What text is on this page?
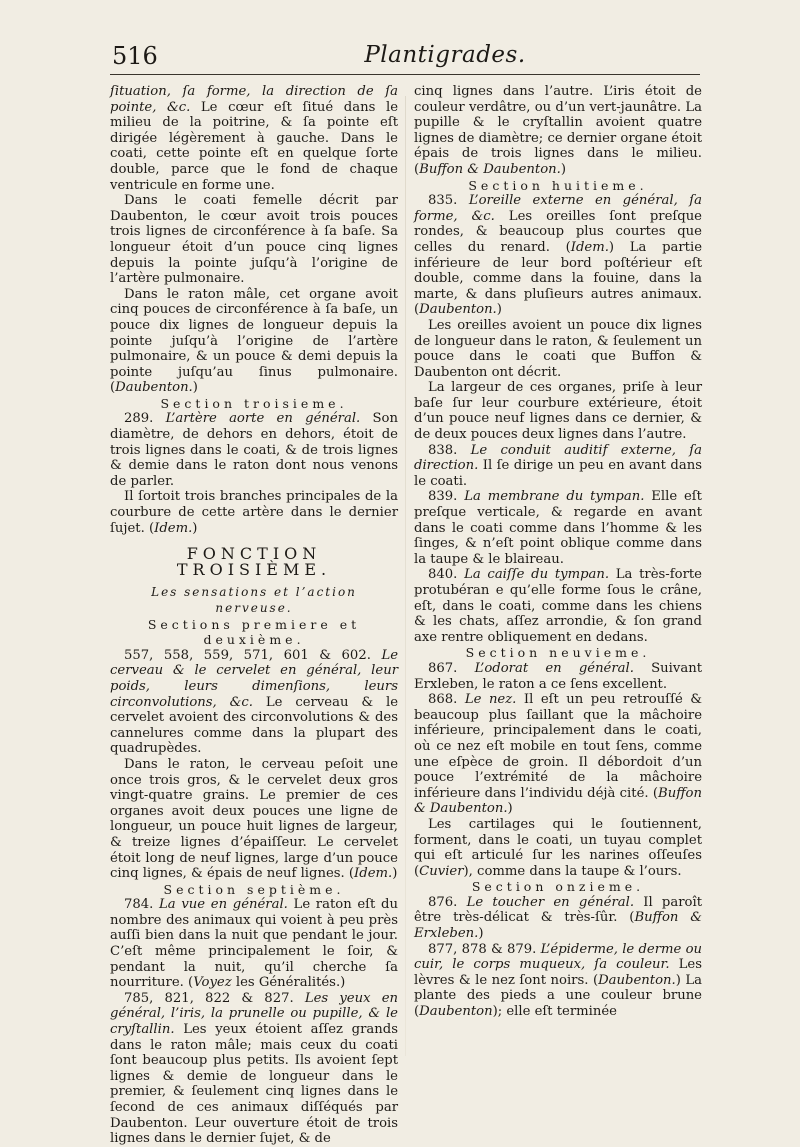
516	Plantigrades.

ſituation, ſa forme, la direction de ſa pointe, &c. Le cœur eſt ſitué dans le milieu de la poitrine, & ſa pointe eſt dirigée légèrement à gauche. Dans le coati, cette pointe eſt en quelque ſorte double, parce que le fond de chaque ventricule en forme une.

Dans le coati femelle décrit par Daubenton, le cœur avoit trois pouces trois lignes de circonférence à ſa baſe. Sa longueur étoit d’un pouce cinq lignes depuis la pointe juſqu’à l’origine de l’artère pulmonaire.

Dans le raton mâle, cet organe avoit cinq pouces de circonférence à ſa baſe, un pouce dix lignes de longueur depuis la pointe juſqu’à l’origine de l’artère pulmonaire, & un pouce & demi depuis la pointe juſqu’au ſinus pulmonaire. (Daubenton.)

Section troisieme.

289. L’artère aorte en général. Son diamètre, de dehors en dehors, étoit de trois lignes dans le coati, & de trois lignes & demie dans le raton dont nous venons de parler.

Il ſortoit trois branches principales de la courbure de cette artère dans le dernier ſujet. (Idem.)

FONCTION TROISIÈME.

Les sensations et l’action nerveuse.

Sections premiere et deuxième.

557, 558, 559, 571, 601 & 602. Le cerveau & le cervelet en général, leur poids, leurs dimenſions, leurs circonvolutions, &c. Le cerveau & le cervelet avoient des circonvolutions & des cannelures comme dans la plupart des quadrupèdes.

Dans le raton, le cerveau peſoit une once trois gros, & le cervelet deux gros vingt-quatre grains. Le premier de ces organes avoit deux pouces une ligne de longueur, un pouce huit lignes de largeur, & treize lignes d’épaiſſeur. Le cervelet étoit long de neuf lignes, large d’un pouce cinq lignes, & épais de neuf lignes. (Idem.)

Section septième.

784. La vue en général. Le raton eſt du nombre des animaux qui voient à peu près auſſi bien dans la nuit que pendant le jour. C’eſt même principalement le ſoir, & pendant la nuit, qu’il cherche ſa nourriture. (Voyez les Généralités.)

785, 821, 822 & 827. Les yeux en général, l’iris, la prunelle ou pupille, & le cryſtallin. Les yeux étoient aſſez grands dans le raton mâle; mais ceux du coati ſont beaucoup plus petits. Ils avoient ſept lignes & demie de longueur dans le premier, & ſeulement cinq lignes dans le ſecond de ces animaux diſſéqués par Daubenton. Leur ouverture étoit de trois lignes dans le dernier ſujet, & de

cinq lignes dans l’autre. L’iris étoit de couleur verdâtre, ou d’un vert-jaunâtre. La pupille & le cryſtallin avoient quatre lignes de diamètre; ce dernier organe étoit épais de trois lignes dans le milieu. (Buffon & Daubenton.)

Section huitieme.

835. L’oreille externe en général, ſa forme, &c. Les oreilles ſont preſque rondes, & beaucoup plus courtes que celles du renard. (Idem.) La partie inférieure de leur bord poſtérieur eſt double, comme dans la fouine, dans la marte, & dans pluſieurs autres animaux. (Daubenton.)

Les oreilles avoient un pouce dix lignes de longueur dans le raton, & ſeulement un pouce dans le coati que Buffon & Daubenton ont décrit.

La largeur de ces organes, priſe à leur baſe ſur leur courbure extérieure, étoit d’un pouce neuf lignes dans ce dernier, & de deux pouces deux lignes dans l’autre.

838. Le conduit auditif externe, ſa direction. Il ſe dirige un peu en avant dans le coati.

839. La membrane du tympan. Elle eſt preſque verticale, & regarde en avant dans le coati comme dans l’homme & les ſinges, & n’eſt point oblique comme dans la taupe & le blaireau.

840. La caiſſe du tympan. La très-forte protubéran e qu’elle forme ſous le crâne, eſt, dans le coati, comme dans les chiens & les chats, aſſez arrondie, & ſon grand axe rentre obliquement en dedans.

Section neuvieme.

867. L’odorat en général. Suivant Erxleben, le raton a ce ſens excellent.

868. Le nez. Il eſt un peu retrouſſé & beaucoup plus ſaillant que la mâchoire inférieure, principalement dans le coati, où ce nez eſt mobile en tout ſens, comme une eſpèce de groin. Il débordoit d’un pouce l’extrémité de la mâchoire inférieure dans l’individu déjà cité. (Buffon & Daubenton.)

Les cartilages qui le ſoutiennent, forment, dans le coati, un tuyau complet qui eſt articulé ſur les narines oſſeuſes (Cuvier), comme dans la taupe & l’ours.

Section onzieme.

876. Le toucher en général. Il paroît être très-délicat & très-ſûr. (Buffon & Erxleben.)

877, 878 & 879. L’épiderme, le derme ou cuir, le corps muqueux, ſa couleur. Les lèvres & le nez ſont noirs. (Daubenton.) La plante des pieds a une couleur brune (Daubenton); elle eſt terminée
